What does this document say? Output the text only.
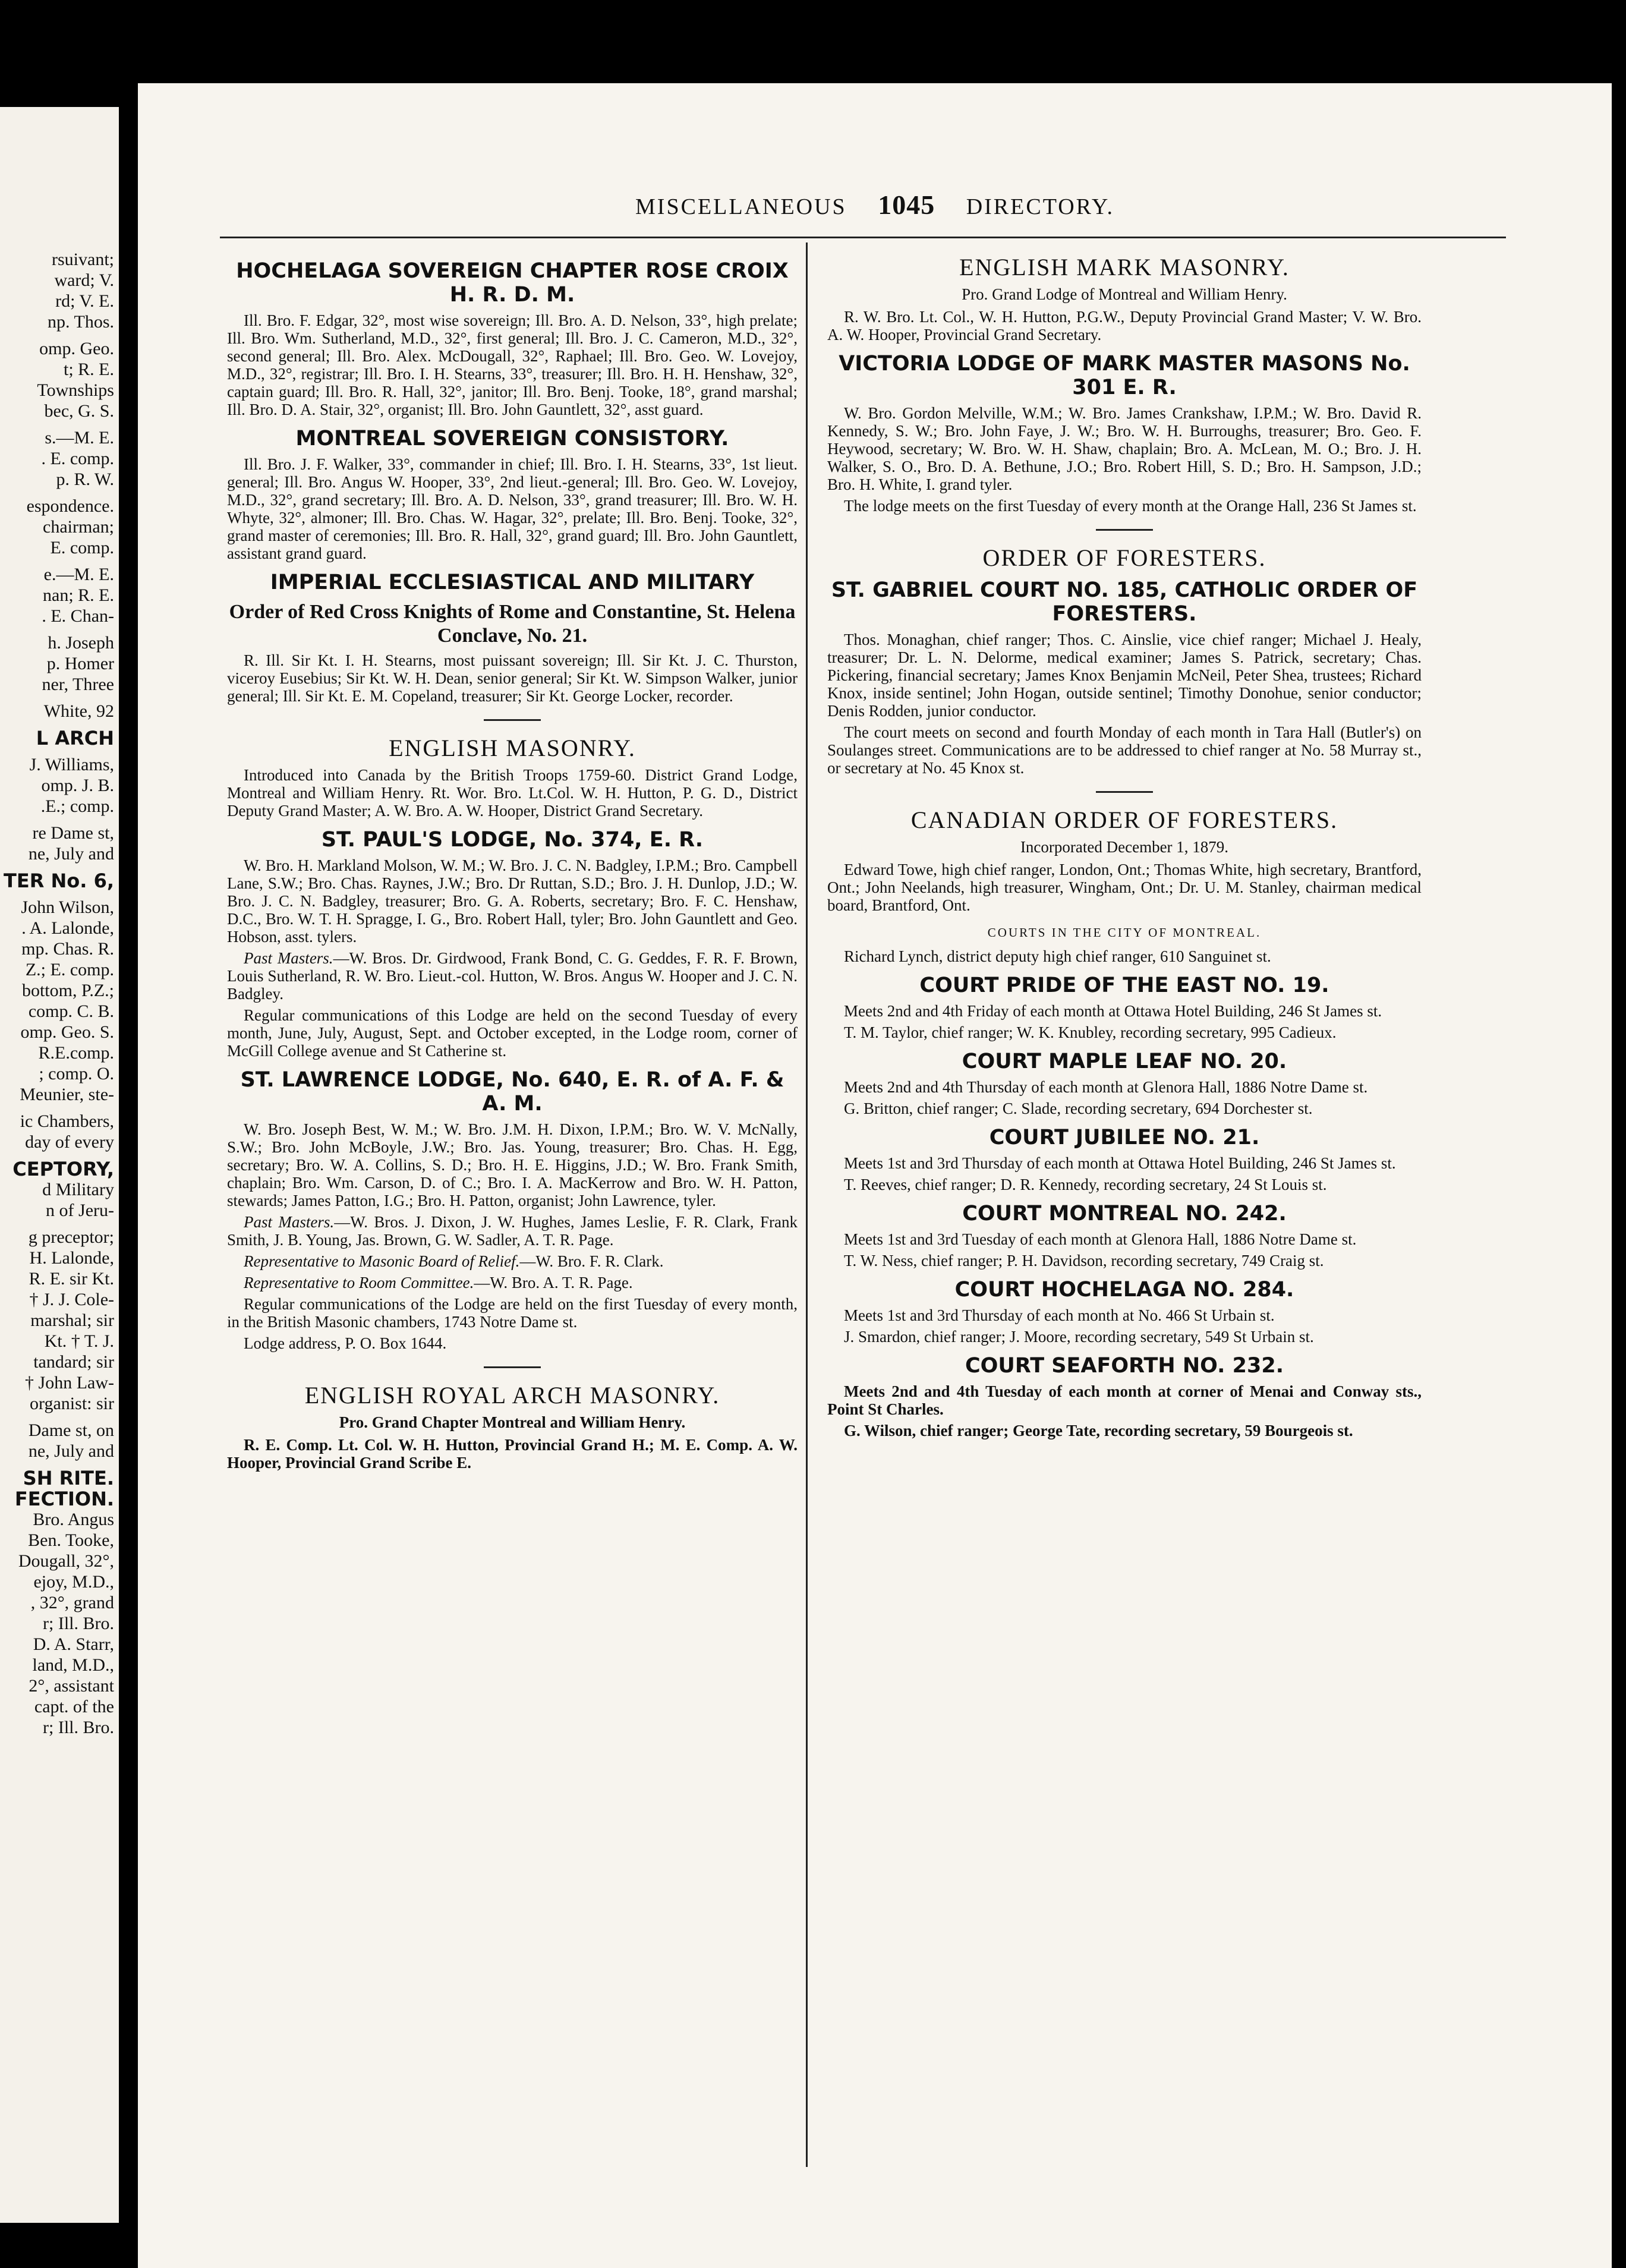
rsuivant;
ward; V.
rd; V. E.
np. Thos.
omp. Geo.
t; R. E.
Townships
bec, G. S.
s.—M. E.
. E. comp.
p. R. W.
espondence.
chairman;
E. comp.
e.—M. E.
nan; R. E.
. E. Chan-
h. Joseph
p. Homer
ner, Three
White, 92
L ARCH
J. Williams,
omp. J. B.
.E.; comp.
re Dame st,
ne, July and
TER No. 6,
John Wilson,
. A. Lalonde,
mp. Chas. R.
Z.; E. comp.
bottom, P.Z.;
comp. C. B.
omp. Geo. S.
R.E.comp.
; comp. O.
Meunier, ste-
ic Chambers,
day of every
CEPTORY,
d Military
n of Jeru-
g preceptor;
H. Lalonde,
R. E. sir Kt.
† J. J. Cole-
marshal; sir
Kt. † T. J.
tandard; sir
† John Law-
organist: sir
Dame st, on
ne, July and
SH RITE.
FECTION.
Bro. Angus
Ben. Tooke,
Dougall, 32°,
ejoy, M.D.,
, 32°, grand
r; Ill. Bro.
D. A. Starr,
land, M.D.,
2°, assistant
capt. of the
r; Ill. Bro.
MISCELLANEOUS 1045 DIRECTORY.
HOCHELAGA SOVEREIGN CHAPTER ROSE CROIX H. R. D. M.

Ill. Bro. F. Edgar, 32°, most wise sovereign; Ill. Bro. A. D. Nelson, 33°, high prelate; Ill. Bro. Wm. Sutherland, M.D., 32°, first general; Ill. Bro. J. C. Cameron, M.D., 32°, second general; Ill. Bro. Alex. McDougall, 32°, Raphael; Ill. Bro. Geo. W. Lovejoy, M.D., 32°, registrar; Ill. Bro. I. H. Stearns, 33°, treasurer; Ill. Bro. H. H. Henshaw, 32°, captain guard; Ill. Bro. R. Hall, 32°, janitor; Ill. Bro. Benj. Tooke, 18°, grand marshal; Ill. Bro. D. A. Stair, 32°, organist; Ill. Bro. John Gauntlett, 32°, asst guard.

MONTREAL SOVEREIGN CONSISTORY.

Ill. Bro. J. F. Walker, 33°, commander in chief; Ill. Bro. I. H. Stearns, 33°, 1st lieut. general; Ill. Bro. Angus W. Hooper, 33°, 2nd lieut.-general; Ill. Bro. Geo. W. Lovejoy, M.D., 32°, grand secretary; Ill. Bro. A. D. Nelson, 33°, grand treasurer; Ill. Bro. W. H. Whyte, 32°, almoner; Ill. Bro. Chas. W. Hagar, 32°, prelate; Ill. Bro. Benj. Tooke, 32°, grand master of ceremonies; Ill. Bro. R. Hall, 32°, grand guard; Ill. Bro. John Gauntlett, assistant grand guard.

IMPERIAL ECCLESIASTICAL AND MILITARY
Order of Red Cross Knights of Rome and Constantine, St. Helena Conclave, No. 21.

R. Ill. Sir Kt. I. H. Stearns, most puissant sovereign; Ill. Sir Kt. J. C. Thurston, viceroy Eusebius; Sir Kt. W. H. Dean, senior general; Sir Kt. W. Simpson Walker, junior general; Ill. Sir Kt. E. M. Copeland, treasurer; Sir Kt. George Locker, recorder.

ENGLISH MASONRY.

Introduced into Canada by the British Troops 1759-60. District Grand Lodge, Montreal and William Henry. Rt. Wor. Bro. Lt.Col. W. H. Hutton, P. G. D., District Deputy Grand Master; A. W. Bro. A. W. Hooper, District Grand Secretary.

ST. PAUL'S LODGE, No. 374, E. R.

W. Bro. H. Markland Molson, W. M.; W. Bro. J. C. N. Badgley, I.P.M.; Bro. Campbell Lane, S.W.; Bro. Chas. Raynes, J.W.; Bro. Dr Ruttan, S.D.; Bro. J. H. Dunlop, J.D.; W. Bro. J. C. N. Badgley, treasurer; Bro. G. A. Roberts, secretary; Bro. F. C. Henshaw, D.C., Bro. W. T. H. Spragge, I. G., Bro. Robert Hall, tyler; Bro. John Gauntlett and Geo. Hobson, asst. tylers.

Past Masters.—W. Bros. Dr. Girdwood, Frank Bond, C. G. Geddes, F. R. F. Brown, Louis Sutherland, R. W. Bro. Lieut.-col. Hutton, W. Bros. Angus W. Hooper and J. C. N. Badgley.

Regular communications of this Lodge are held on the second Tuesday of every month, June, July, August, Sept. and October excepted, in the Lodge room, corner of McGill College avenue and St Catherine st.

ST. LAWRENCE LODGE, No. 640, E. R. of A. F. & A. M.

W. Bro. Joseph Best, W. M.; W. Bro. J.M. H. Dixon, I.P.M.; Bro. W. V. McNally, S.W.; Bro. John McBoyle, J.W.; Bro. Jas. Young, treasurer; Bro. Chas. H. Egg, secretary; Bro. W. A. Collins, S. D.; Bro. H. E. Higgins, J.D.; W. Bro. Frank Smith, chaplain; Bro. Wm. Carson, D. of C.; Bro. I. A. MacKerrow and Bro. W. H. Patton, stewards; James Patton, I.G.; Bro. H. Patton, organist; John Lawrence, tyler.

Past Masters.—W. Bros. J. Dixon, J. W. Hughes, James Leslie, F. R. Clark, Frank Smith, J. B. Young, Jas. Brown, G. W. Sadler, A. T. R. Page.

Representative to Masonic Board of Relief.—W. Bro. F. R. Clark.

Representative to Room Committee.—W. Bro. A. T. R. Page.

Regular communications of the Lodge are held on the first Tuesday of every month, in the British Masonic chambers, 1743 Notre Dame st.

Lodge address, P. O. Box 1644.

ENGLISH ROYAL ARCH MASONRY.

Pro. Grand Chapter Montreal and William Henry.

R. E. Comp. Lt. Col. W. H. Hutton, Provincial Grand H.; M. E. Comp. A. W. Hooper, Provincial Grand Scribe E.

ENGLISH MARK MASONRY.

Pro. Grand Lodge of Montreal and William Henry.

R. W. Bro. Lt. Col., W. H. Hutton, P.G.W., Deputy Provincial Grand Master; V. W. Bro. A. W. Hooper, Provincial Grand Secretary.

VICTORIA LODGE OF MARK MASTER MASONS No. 301 E. R.

W. Bro. Gordon Melville, W.M.; W. Bro. James Crankshaw, I.P.M.; W. Bro. David R. Kennedy, S. W.; Bro. John Faye, J. W.; Bro. W. H. Burroughs, treasurer; Bro. Geo. F. Heywood, secretary; W. Bro. W. H. Shaw, chaplain; Bro. A. McLean, M. O.; Bro. J. H. Walker, S. O., Bro. D. A. Bethune, J.O.; Bro. Robert Hill, S. D.; Bro. H. Sampson, J.D.; Bro. H. White, I. grand tyler.

The lodge meets on the first Tuesday of every month at the Orange Hall, 236 St James st.

ORDER OF FORESTERS.
ST. GABRIEL COURT NO. 185, CATHOLIC ORDER OF FORESTERS.

Thos. Monaghan, chief ranger; Thos. C. Ainslie, vice chief ranger; Michael J. Healy, treasurer; Dr. L. N. Delorme, medical examiner; James S. Patrick, secretary; Chas. Pickering, financial secretary; James Knox Benjamin McNeil, Peter Shea, trustees; Richard Knox, inside sentinel; John Hogan, outside sentinel; Timothy Donohue, senior conductor; Denis Rodden, junior conductor.

The court meets on second and fourth Monday of each month in Tara Hall (Butler's) on Soulanges street. Communications are to be addressed to chief ranger at No. 58 Murray st., or secretary at No. 45 Knox st.

CANADIAN ORDER OF FORESTERS.

Incorporated December 1, 1879.

Edward Towe, high chief ranger, London, Ont.; Thomas White, high secretary, Brantford, Ont.; John Neelands, high treasurer, Wingham, Ont.; Dr. U. M. Stanley, chairman medical board, Brantford, Ont.

COURTS IN THE CITY OF MONTREAL.

Richard Lynch, district deputy high chief ranger, 610 Sanguinet st.

COURT PRIDE OF THE EAST NO. 19.

Meets 2nd and 4th Friday of each month at Ottawa Hotel Building, 246 St James st.

T. M. Taylor, chief ranger; W. K. Knubley, recording secretary, 995 Cadieux.

COURT MAPLE LEAF NO. 20.

Meets 2nd and 4th Thursday of each month at Glenora Hall, 1886 Notre Dame st.

G. Britton, chief ranger; C. Slade, recording secretary, 694 Dorchester st.

COURT JUBILEE NO. 21.

Meets 1st and 3rd Thursday of each month at Ottawa Hotel Building, 246 St James st.

T. Reeves, chief ranger; D. R. Kennedy, recording secretary, 24 St Louis st.

COURT MONTREAL NO. 242.

Meets 1st and 3rd Tuesday of each month at Glenora Hall, 1886 Notre Dame st.

T. W. Ness, chief ranger; P. H. Davidson, recording secretary, 749 Craig st.

COURT HOCHELAGA NO. 284.

Meets 1st and 3rd Thursday of each month at No. 466 St Urbain st.

J. Smardon, chief ranger; J. Moore, recording secretary, 549 St Urbain st.

COURT SEAFORTH NO. 232.

Meets 2nd and 4th Tuesday of each month at corner of Menai and Conway sts., Point St Charles.

G. Wilson, chief ranger; George Tate, recording secretary, 59 Bourgeois st.
